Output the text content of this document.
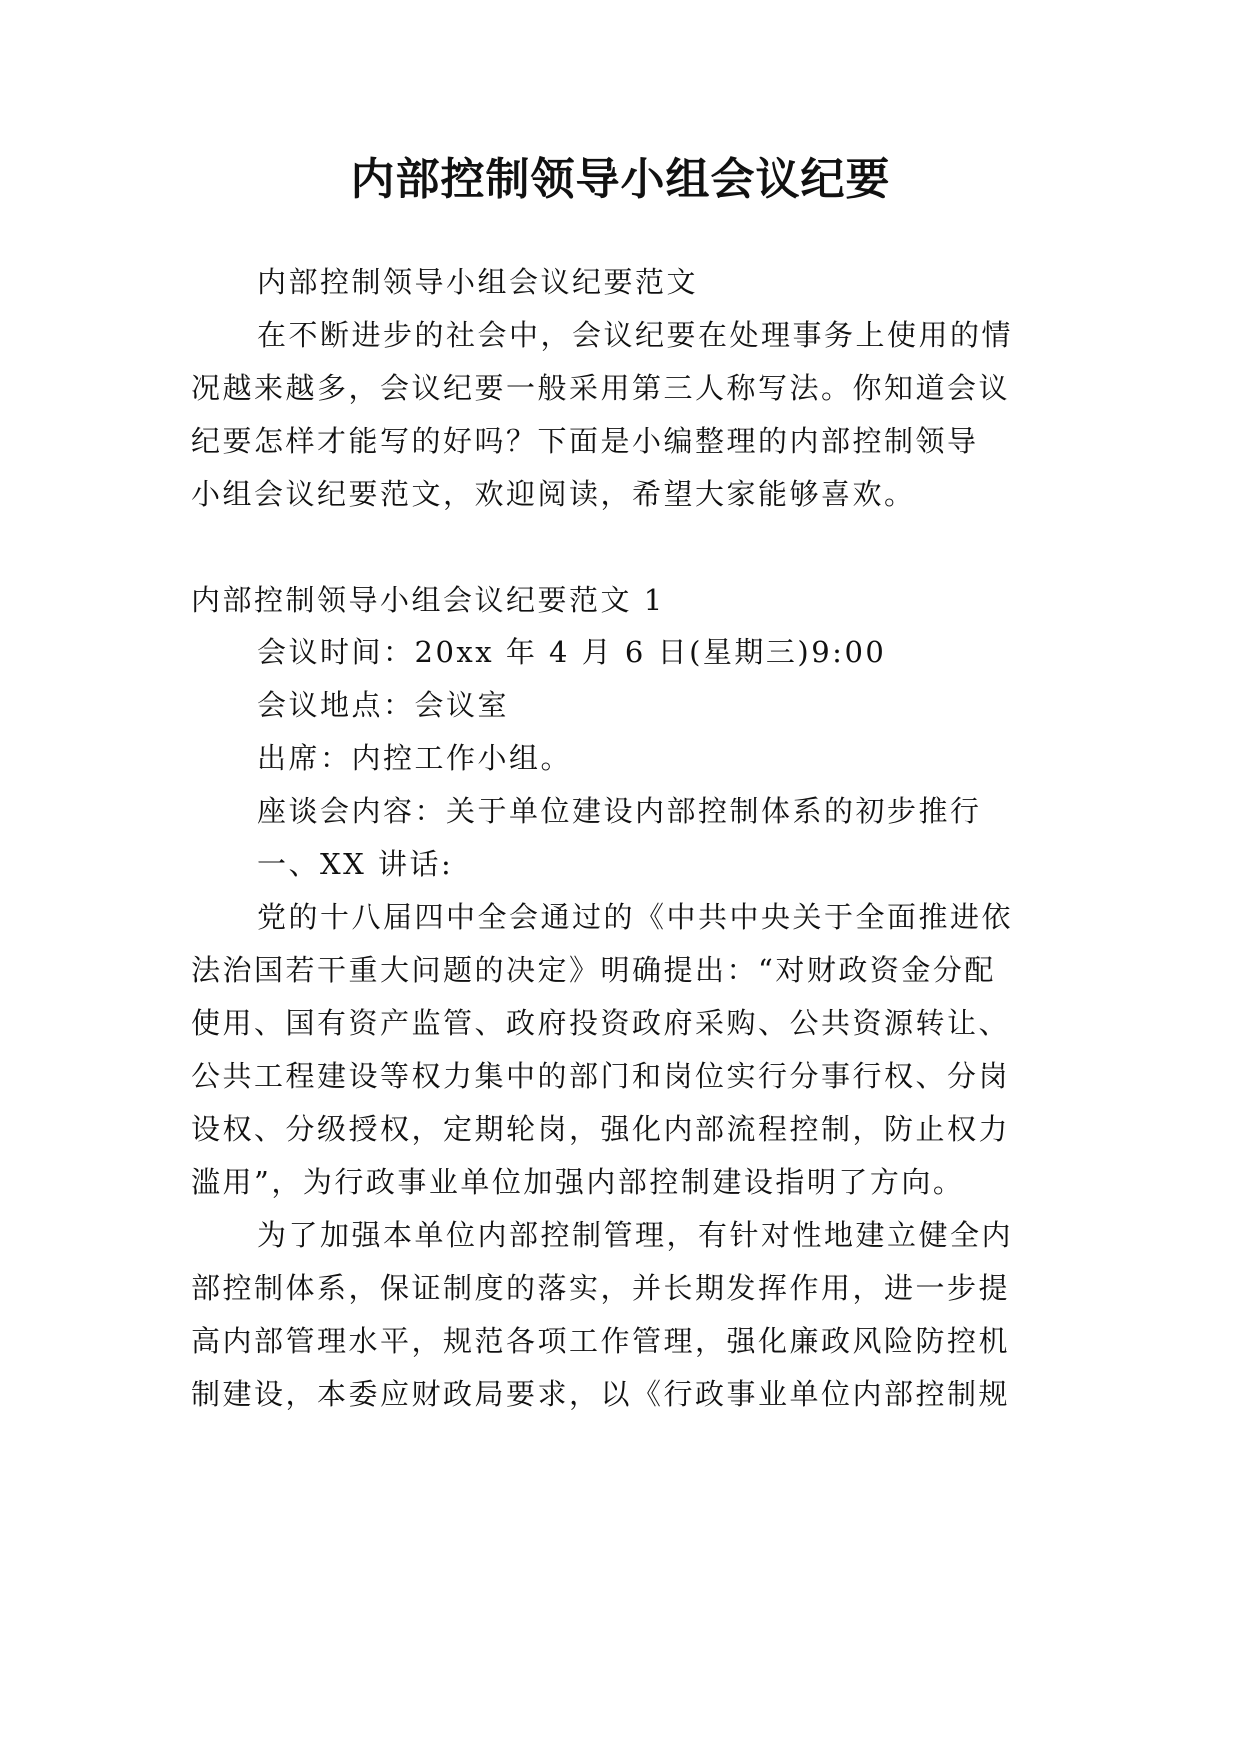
内部控制领导小组会议纪要

内部控制领导小组会议纪要范文

在不断进步的社会中，会议纪要在处理事务上使用的情

况越来越多，会议纪要一般采用第三人称写法。你知道会议

纪要怎样才能写的好吗？下面是小编整理的内部控制领导

小组会议纪要范文，欢迎阅读，希望大家能够喜欢。

内部控制领导小组会议纪要范文 1

会议时间：20xx 年 4 月 6 日(星期三)9:00

会议地点：会议室

出席：内控工作小组。

座谈会内容：关于单位建设内部控制体系的初步推行

一、XX 讲话:

党的十八届四中全会通过的《中共中央关于全面推进依

法治国若干重大问题的决定》明确提出：“对财政资金分配

使用、国有资产监管、政府投资政府采购、公共资源转让、

公共工程建设等权力集中的部门和岗位实行分事行权、分岗

设权、分级授权，定期轮岗，强化内部流程控制，防止权力

滥用”，为行政事业单位加强内部控制建设指明了方向。

为了加强本单位内部控制管理，有针对性地建立健全内

部控制体系，保证制度的落实，并长期发挥作用，进一步提

高内部管理水平，规范各项工作管理，强化廉政风险防控机

制建设，本委应财政局要求，以《行政事业单位内部控制规
